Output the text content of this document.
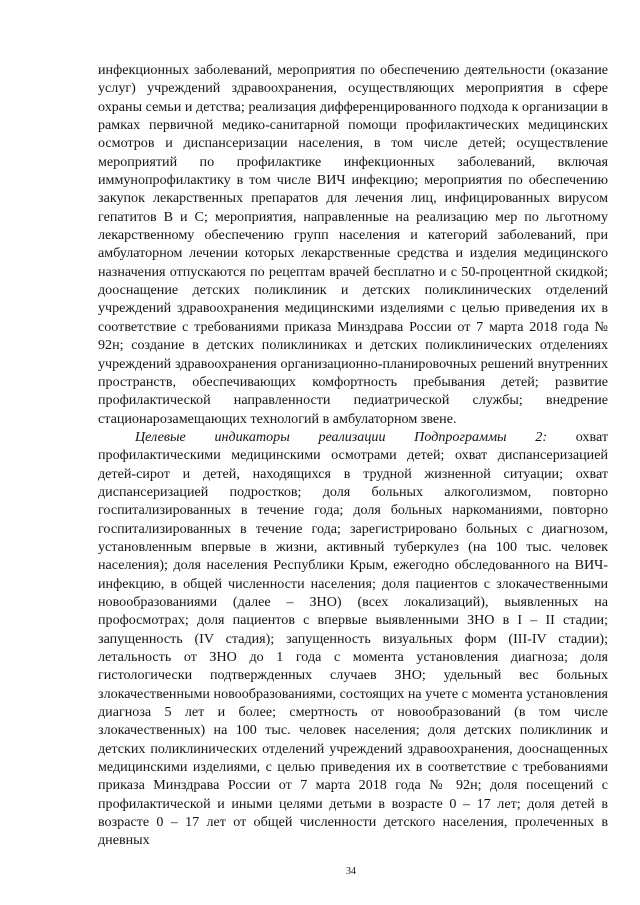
инфекционных заболеваний, мероприятия по обеспечению деятельности (оказание услуг) учреждений здравоохранения, осуществляющих мероприятия в сфере охраны семьи и детства; реализация дифференцированного подхода к организации в рамках первичной медико-санитарной помощи профилактических медицинских осмотров и диспансеризации населения, в том числе детей; осуществление мероприятий по профилактике инфекционных заболеваний, включая иммунопрофилактику в том числе ВИЧ инфекцию; мероприятия по обеспечению закупок лекарственных препаратов для лечения лиц, инфицированных вирусом гепатитов В и С; мероприятия, направленные на реализацию мер по льготному лекарственному обеспечению групп населения и категорий заболеваний, при амбулаторном лечении которых лекарственные средства и изделия медицинского назначения отпускаются по рецептам врачей бесплатно и с 50-процентной скидкой; дооснащение детских поликлиник и детских поликлинических отделений учреждений здравоохранения медицинскими изделиями с целью приведения их в соответствие с требованиями приказа Минздрава России от 7 марта 2018 года № 92н; создание в детских поликлиниках и детских поликлинических отделениях учреждений здравоохранения организационно-планировочных решений внутренних пространств, обеспечивающих комфортность пребывания детей; развитие профилактической направленности педиатрической службы; внедрение стационарозамещающих технологий в амбулаторном звене.

Целевые индикаторы реализации Подпрограммы 2: охват профилактическими медицинскими осмотрами детей; охват диспансеризацией детей-сирот и детей, находящихся в трудной жизненной ситуации; охват диспансеризацией подростков; доля больных алкоголизмом, повторно госпитализированных в течение года; доля больных наркоманиями, повторно госпитализированных в течение года; зарегистрировано больных с диагнозом, установленным впервые в жизни, активный туберкулез (на 100 тыс. человек населения); доля населения Республики Крым, ежегодно обследованного на ВИЧ-инфекцию, в общей численности населения; доля пациентов с злокачественными новообразованиями (далее – ЗНО) (всех локализаций), выявленных на профосмотрах; доля пациентов с впервые выявленными ЗНО в I – II стадии; запущенность (IV стадия); запущенность визуальных форм (III-IV стадии); летальность от ЗНО до 1 года с момента установления диагноза; доля гистологически подтвержденных случаев ЗНО; удельный вес больных злокачественными новообразованиями, состоящих на учете с момента установления диагноза 5 лет и более; смертность от новообразований (в том числе злокачественных) на 100 тыс. человек населения; доля детских поликлиник и детских поликлинических отделений учреждений здравоохранения, дооснащенных медицинскими изделиями, с целью приведения их в соответствие с требованиями приказа Минздрава России от 7 марта 2018 года № 92н; доля посещений с профилактической и иными целями детьми в возрасте 0 – 17 лет; доля детей в возрасте 0 – 17 лет от общей численности детского населения, пролеченных в дневных

34
